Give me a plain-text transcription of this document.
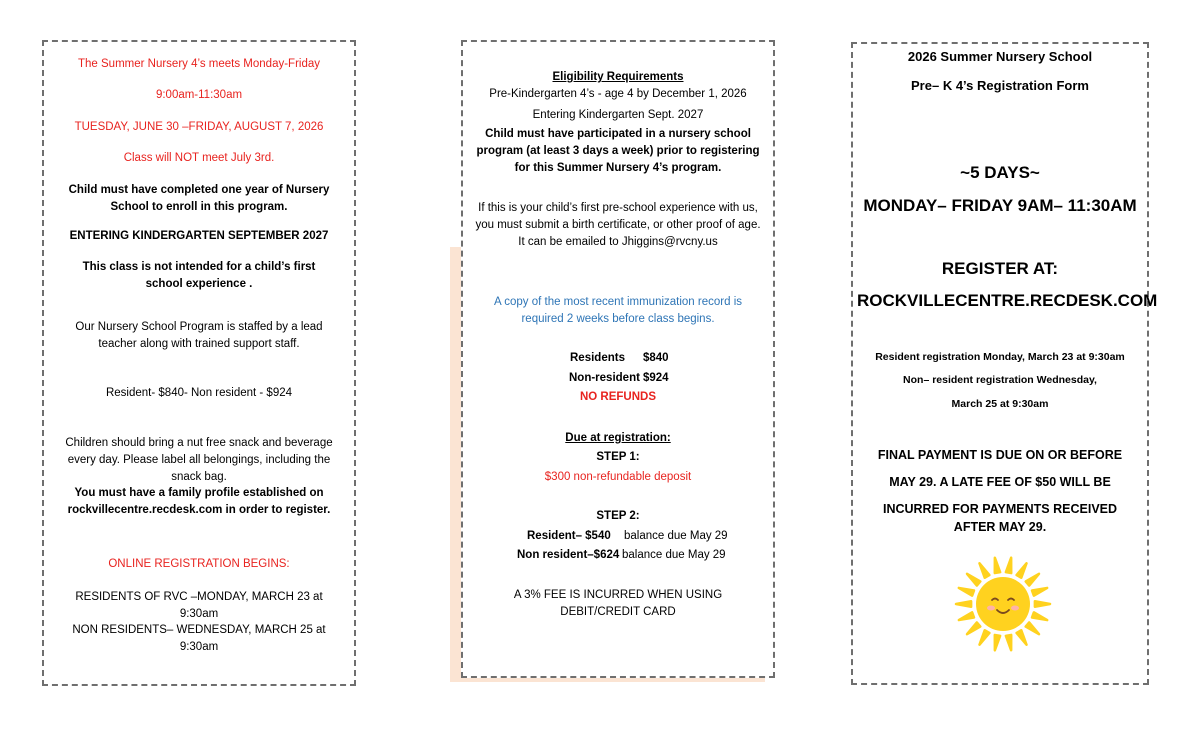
The Summer Nursery 4’s meets Monday-Friday

9:00am-11:30am

TUESDAY, JUNE 30 –FRIDAY, AUGUST 7, 2026

Class will NOT meet July 3rd.

Child must have completed one year of Nursery School to enroll in this program.

ENTERING KINDERGARTEN SEPTEMBER 2027

This class is not intended for a child’s first school experience .

Our Nursery School Program is staffed by a lead teacher along with trained support staff.

Resident- $840- Non resident - $924

Children should bring a nut free snack and beverage every day. Please label all belongings, including the snack bag.

You must have a family profile established on rockvillecentre.recdesk.com in order to register.

ONLINE REGISTRATION BEGINS:

RESIDENTS OF RVC –MONDAY, MARCH 23 at 9:30am

NON RESIDENTS– WEDNESDAY, MARCH 25 at 9:30am

Eligibility Requirements

Pre-Kindergarten 4’s - age 4 by December 1, 2026

Entering Kindergarten Sept. 2027

Child must have participated in a nursery school program (at least 3 days a week) prior to registering for this Summer Nursery 4’s program.

If this is your child’s first pre-school experience with us, you must submit a birth certificate, or other proof of age. It can be emailed to Jhiggins@rvcny.us

A copy of the most recent immunization record is required 2 weeks before class begins.

Residents $840
Non-resident $924

NO REFUNDS

Due at registration:

STEP 1:

$300 non-refundable deposit

STEP 2:

Resident– $540 balance due May 29
Non resident–$624 balance due May 29

A 3% FEE IS INCURRED WHEN USING DEBIT/CREDIT CARD

2026 Summer Nursery School

Pre– K 4’s Registration Form

~5 DAYS~

MONDAY– FRIDAY 9AM– 11:30AM

REGISTER AT:

ROCKVILLECENTRE.RECDESK.COM

Resident registration Monday, March 23 at 9:30am

Non– resident registration Wednesday,

March 25 at 9:30am

FINAL PAYMENT IS DUE ON OR BEFORE

MAY 29. A LATE FEE OF $50 WILL BE

INCURRED FOR PAYMENTS RECEIVED AFTER MAY 29.
